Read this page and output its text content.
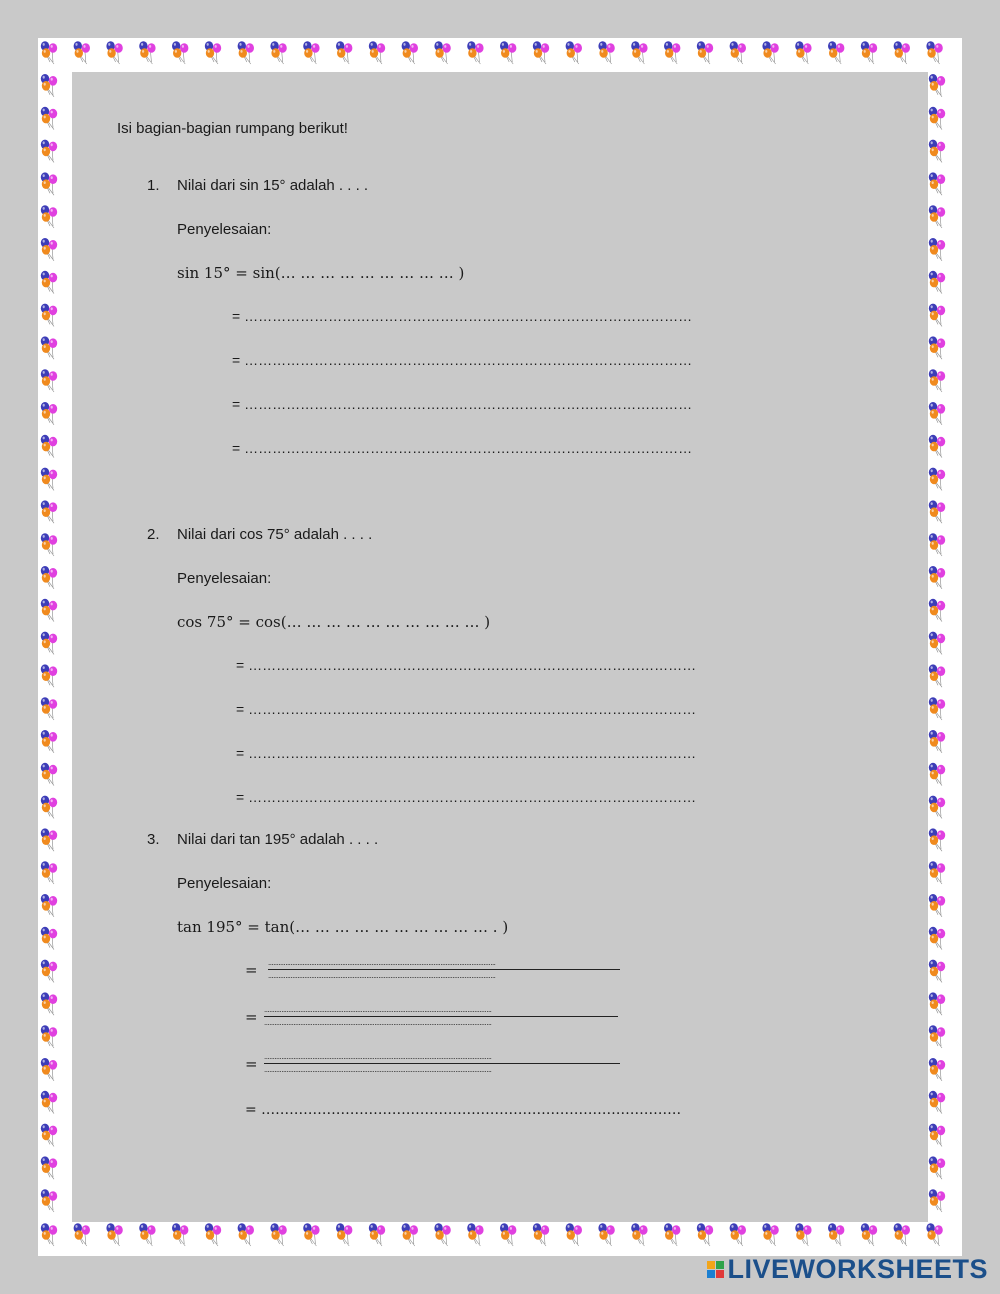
Isi bagian-bagian rumpang berikut!
1. Nilai dari sin 15° adalah . . . .
Penyelesaian:
sin 15° = sin(… … … … … … … … … )
= ……………………………………………………………………………………
= ……………………………………………………………………………………
= ……………………………………………………………………………………
= ……………………………………………………………………………………
2. Nilai dari cos 75° adalah . . . .
Penyelesaian:
cos 75° = cos(… … … … … … … … … … )
= ……………………………………………………………………………………
= ……………………………………………………………………………………
= ……………………………………………………………………………………
= ……………………………………………………………………………………
3. Nilai dari tan 195° adalah . . . .
Penyelesaian:
tan 195° = tan(… … … … … … … … … … . )
= ....................................................................................................................................
....................................................................................................................................
= ....................................................................................................................................
....................................................................................................................................
= ....................................................................................................................................
....................................................................................................................................
= ………………………………………………………………………………
LIVEWORKSHEETS
